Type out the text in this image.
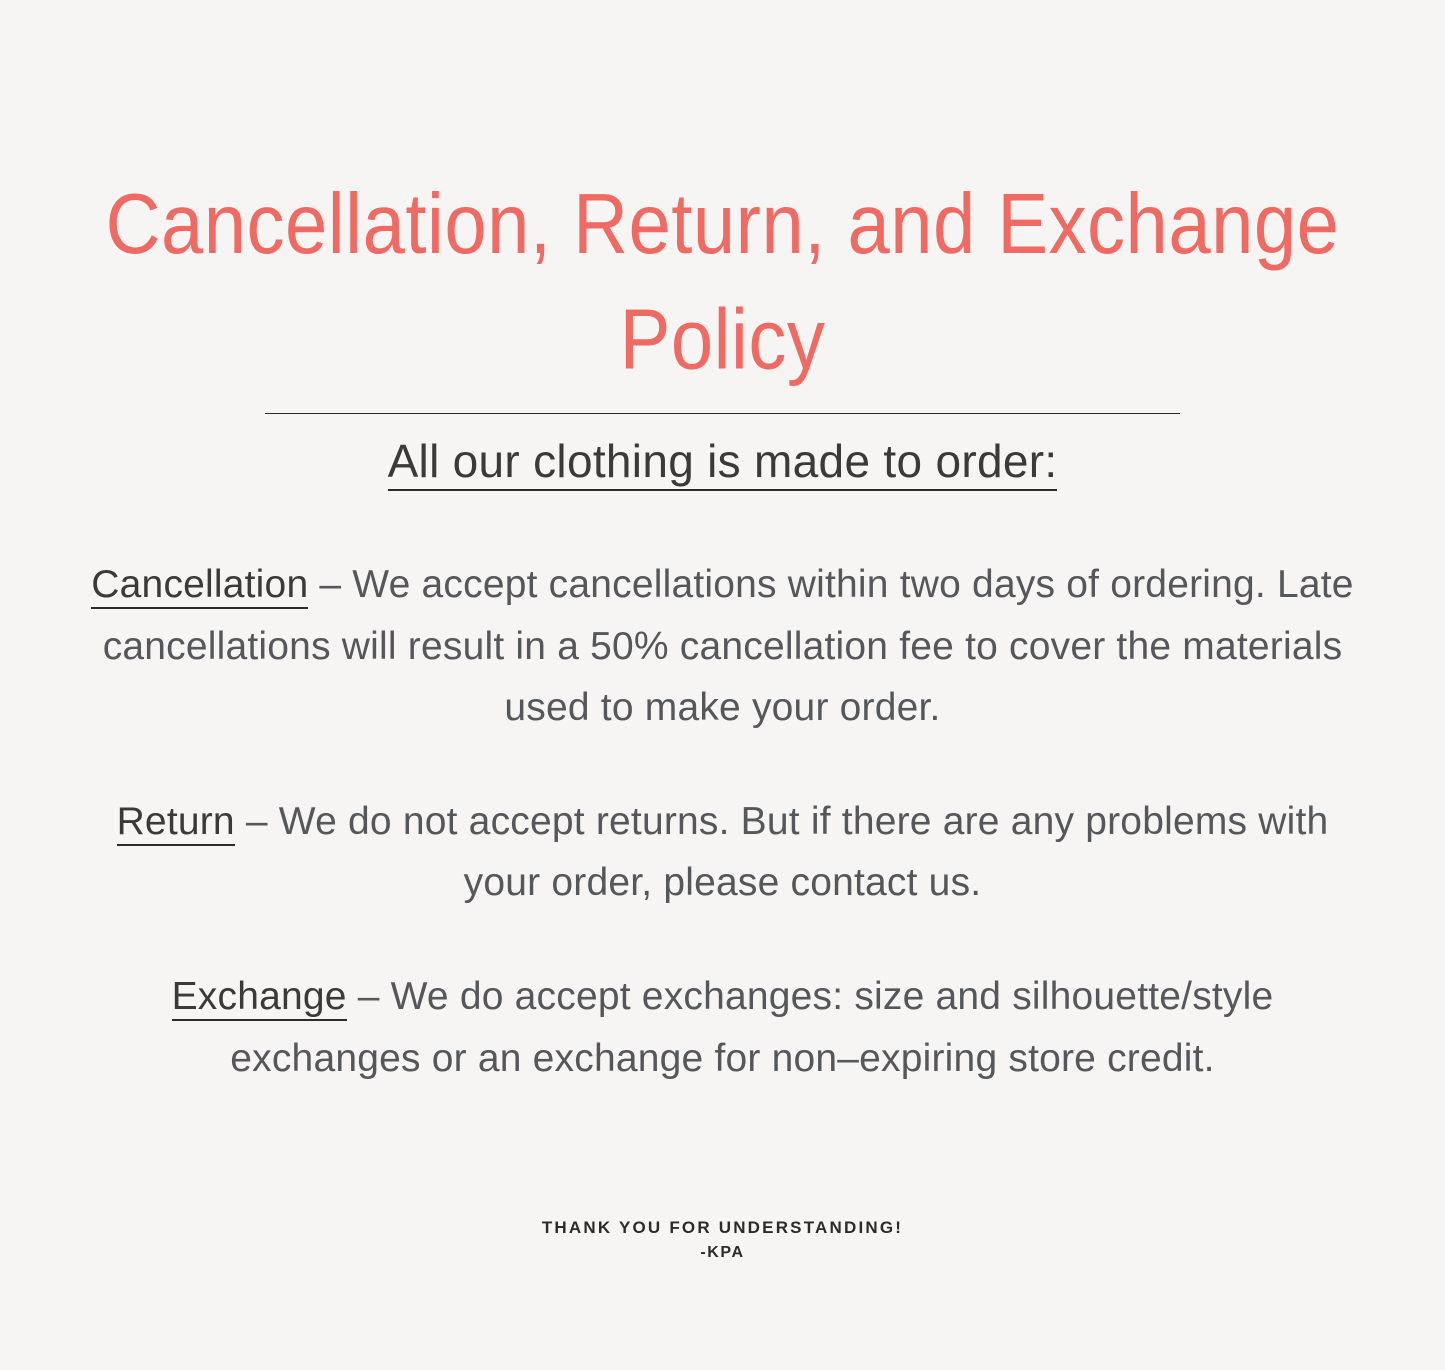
Cancellation, Return, and Exchange Policy
All our clothing is made to order:

Cancellation – We accept cancellations within two days of ordering. Late cancellations will result in a 50% cancellation fee to cover the materials used to make your order.

Return – We do not accept returns. But if there are any problems with your order, please contact us.

Exchange – We do accept exchanges: size and silhouette/style exchanges or an exchange for non–expiring store credit.

THANK YOU FOR UNDERSTANDING!

-KPA
